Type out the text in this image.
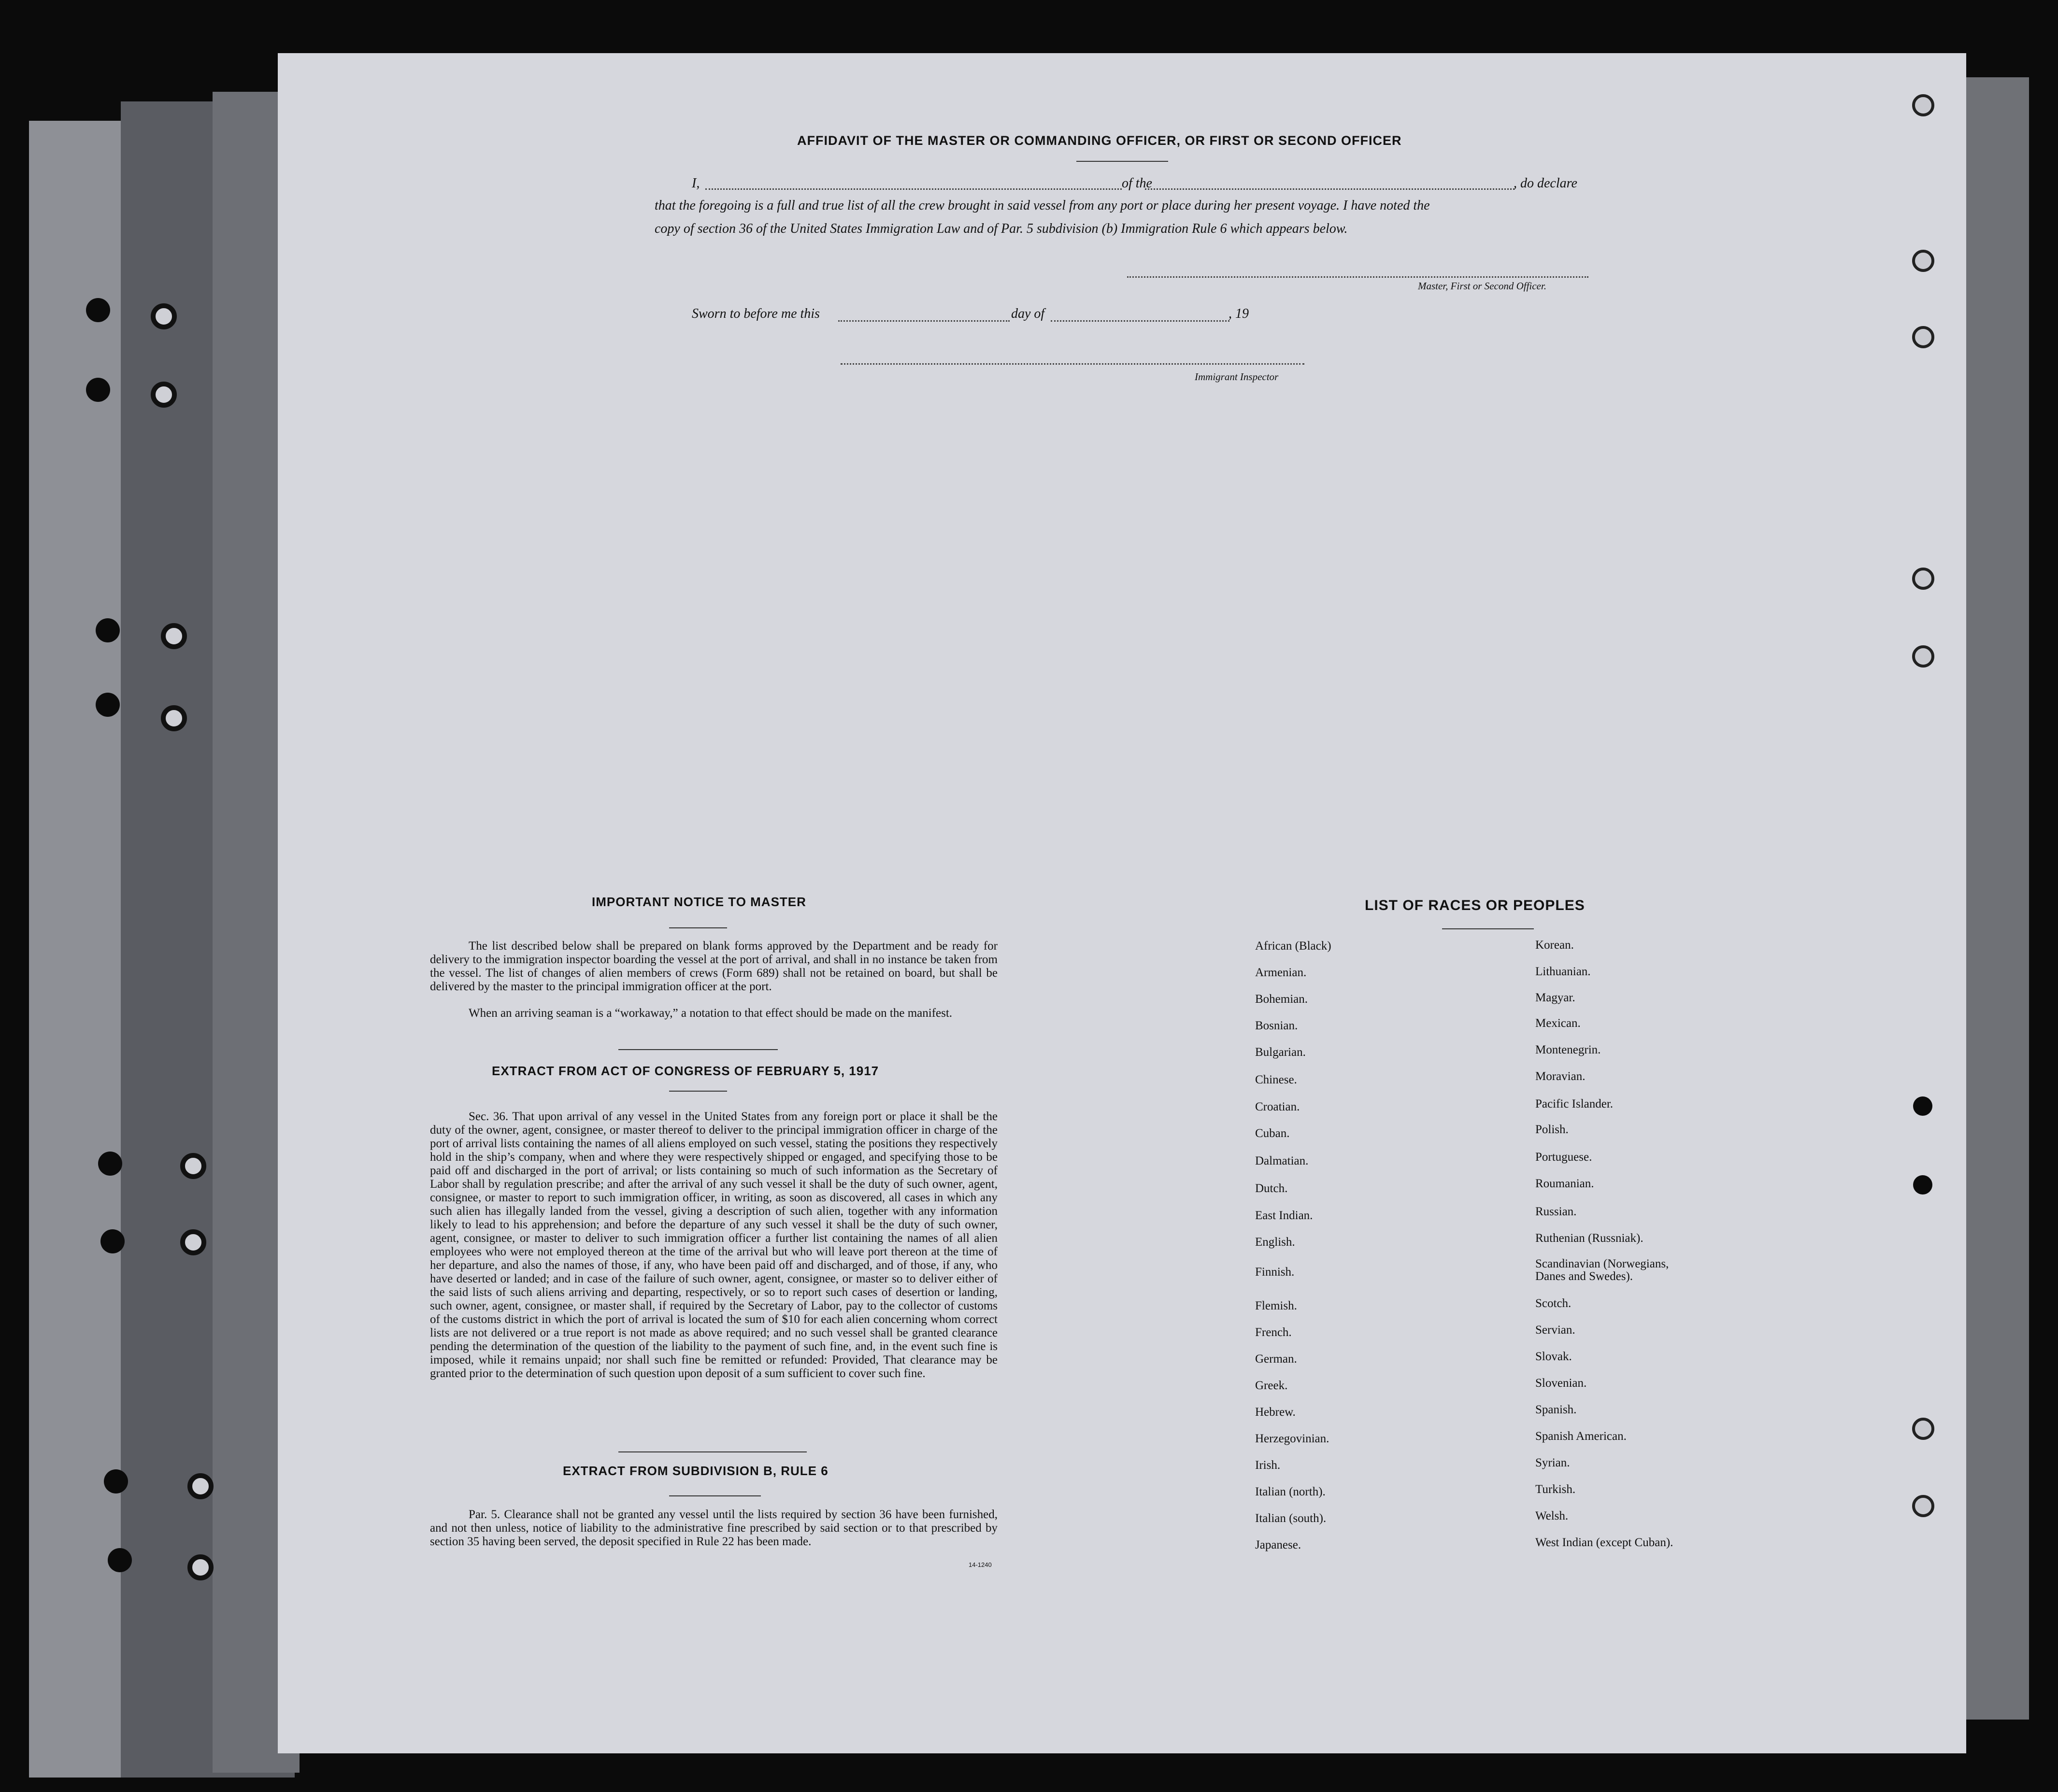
AFFIDAVIT OF THE MASTER OR COMMANDING OFFICER, OR FIRST OR SECOND OFFICER
I,	of the	, do declare
that the foregoing is a full and true list of all the crew brought in said vessel from any port or place during her present voyage. I have noted the
copy of section 36 of the United States Immigration Law and of Par. 5 subdivision (b) Immigration Rule 6 which appears below.
Master, First or Second Officer.
Sworn to before me this	day of	, 19
Immigrant Inspector
IMPORTANT NOTICE TO MASTER
The list described below shall be prepared on blank forms approved by the Department and be ready for delivery to the immigration inspector boarding the vessel at the port of arrival, and shall in no instance be taken from the vessel. The list of changes of alien members of crews (Form 689) shall not be retained on board, but shall be delivered by the master to the principal immigration officer at the port.
When an arriving seaman is a “workaway,” a notation to that effect should be made on the manifest.
EXTRACT FROM ACT OF CONGRESS OF FEBRUARY 5, 1917
Sec. 36. That upon arrival of any vessel in the United States from any foreign port or place it shall be the duty of the owner, agent, consignee, or master thereof to deliver to the principal immigration officer in charge of the port of arrival lists containing the names of all aliens employed on such vessel, stating the positions they respectively hold in the ship’s company, when and where they were respectively shipped or engaged, and specifying those to be paid off and discharged in the port of arrival; or lists containing so much of such information as the Secretary of Labor shall by regulation prescribe; and after the arrival of any such vessel it shall be the duty of such owner, agent, consignee, or master to report to such immigration officer, in writing, as soon as discovered, all cases in which any such alien has illegally landed from the vessel, giving a description of such alien, together with any information likely to lead to his apprehension; and before the departure of any such vessel it shall be the duty of such owner, agent, consignee, or master to deliver to such immigration officer a further list containing the names of all alien employees who were not employed thereon at the time of the arrival but who will leave port thereon at the time of her departure, and also the names of those, if any, who have been paid off and discharged, and of those, if any, who have deserted or landed; and in case of the failure of such owner, agent, consignee, or master so to deliver either of the said lists of such aliens arriving and departing, respectively, or so to report such cases of desertion or landing, such owner, agent, consignee, or master shall, if required by the Secretary of Labor, pay to the collector of customs of the customs district in which the port of arrival is located the sum of $10 for each alien concerning whom correct lists are not delivered or a true report is not made as above required; and no such vessel shall be granted clearance pending the determination of the question of the liability to the payment of such fine, and, in the event such fine is imposed, while it remains unpaid; nor shall such fine be remitted or refunded: Provided, That clearance may be granted prior to the determination of such question upon deposit of a sum sufficient to cover such fine.
EXTRACT FROM SUBDIVISION B, RULE 6
Par. 5. Clearance shall not be granted any vessel until the lists required by section 36 have been furnished, and not then unless, notice of liability to the administrative fine prescribed by said section or to that prescribed by section 35 having been served, the deposit specified in Rule 22 has been made.
14-1240
LIST OF RACES OR PEOPLES
African (Black)
Armenian.
Bohemian.
Bosnian.
Bulgarian.
Chinese.
Croatian.
Cuban.
Dalmatian.
Dutch.
East Indian.
English.
Finnish.
Flemish.
French.
German.
Greek.
Hebrew.
Herzegovinian.
Irish.
Italian (north).
Italian (south).
Japanese.
Korean.
Lithuanian.
Magyar.
Mexican.
Montenegrin.
Moravian.
Pacific Islander.
Polish.
Portuguese.
Roumanian.
Russian.
Ruthenian (Russniak).
Scandinavian (Norwegians, Danes and Swedes).
Scotch.
Servian.
Slovak.
Slovenian.
Spanish.
Spanish American.
Syrian.
Turkish.
Welsh.
West Indian (except Cuban).
